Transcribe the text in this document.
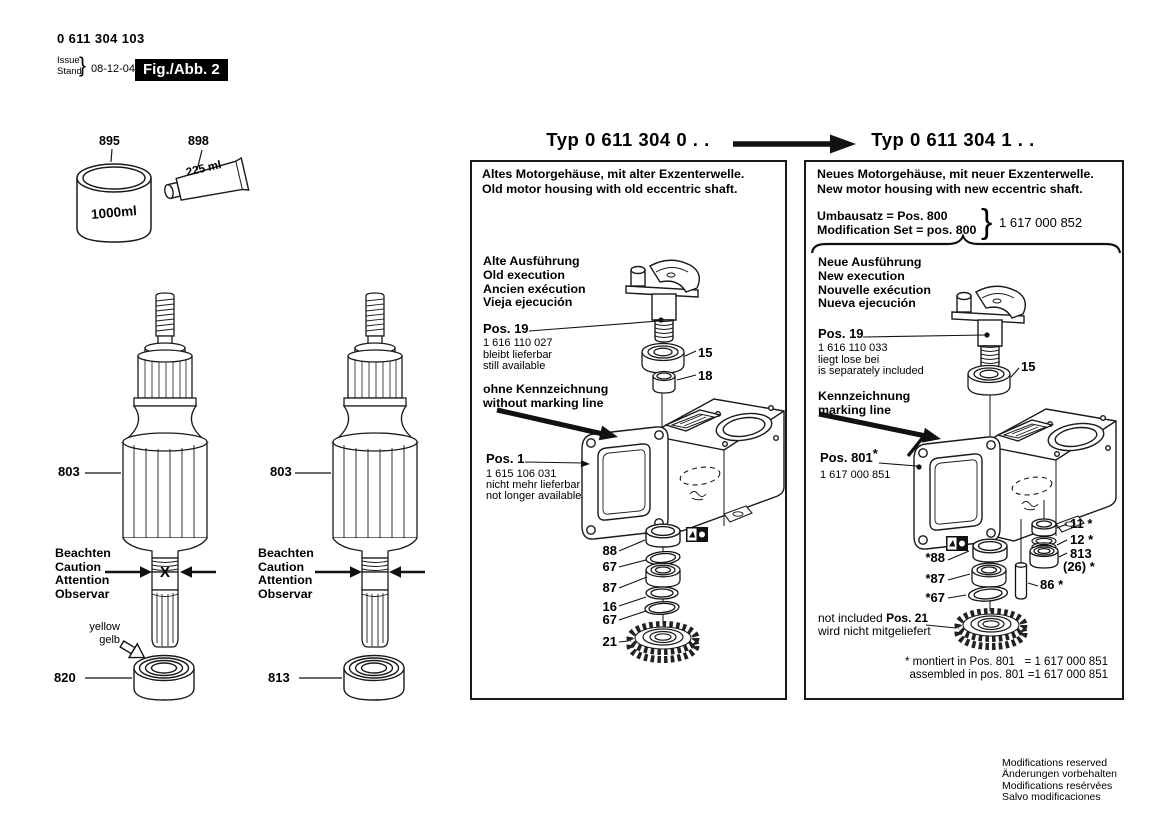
0 611 304 103
Issue
Stand
} 08-12-04 Fig./Abb. 2
Typ 0 611 304 0 . .	Typ 0 611 304 1 . .
895	898
1000ml
225 ml
803	803
Beachten
Caution
Attention
Observar
Beachten
Caution
Attention
Observar
X
yellow
gelb
820	813
Altes Motorgehäuse, mit alter Exzenterwelle.
Old motor housing with old eccentric shaft.
Alte Ausführung
Old execution
Ancien exécution
Vieja ejecución
Pos. 19
1 616 110 027
bleibt lieferbar
still available
ohne Kennzeichnung
without marking line
Pos. 1
1 615 106 031
nicht mehr lieferbar
not longer available
15
18
88
67
87
16
67
21
Neues Motorgehäuse, mit neuer Exzenterwelle.
New motor housing with new eccentric shaft.
Umbausatz = Pos. 800
Modification Set = pos. 800 } 1 617 000 852
Neue Ausführung
New execution
Nouvelle exécution
Nueva ejecución
Pos. 19
1 616 110 033
liegt lose bei
is separately included
Kennzeichnung
marking line
Pos. 801*
1 617 000 851
15
*88
*87
*67
11 *
12 *
813
(26) *
86 *
not included Pos. 21
wird nicht mitgeliefert
* montiert in Pos. 801 = 1 617 000 851
assembled in pos. 801 =1 617 000 851
Modifications reserved
Änderungen vorbehalten
Modifications resérvées
Salvo modificaciones
